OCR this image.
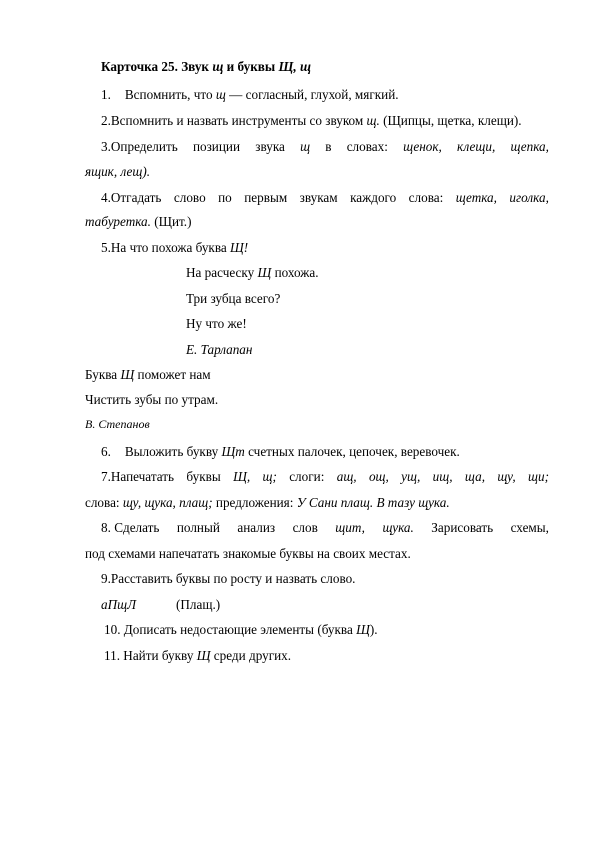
Карточка 25. Звук щ и буквы Щ, щ
1. Вспомнить, что щ — согласный, глухой, мягкий.
2.Вспомнить и назвать инструменты со звуком щ. (Щипцы, щетка, клещи).
3.Определить позиции звука щ в словах: щенок, клещи, щепка,
ящик, лещ).
4.Отгадать слово по первым звукам каждого слова: щетка, иголка,
табуретка. (Щит.)
5.На что похожа буква Щ!
На расческу Щ похожа.
Три зубца всего?
Ну что же!
Е. Тарлапан
Буква Щ поможет нам
Чистить зубы по утрам.
В. Степанов
6. Выложить букву Щт счетных палочек, цепочек, веревочек.
7.Напечатать буквы Щ, щ; слоги: ащ, ощ, ущ, ищ, ща, щу, щи;
слова: щу, щука, плащ; предложения: У Сани плащ. В тазу щука.
8. Сделать полный анализ слов щит, щука. Зарисовать схемы,
под схемами напечатать знакомые буквы на своих местах.
9.Расставить буквы по росту и назвать слово.
аПщЛ	(Плащ.)
10. Дописать недостающие элементы (буква Щ).
11. Найти букву Щ среди других.
